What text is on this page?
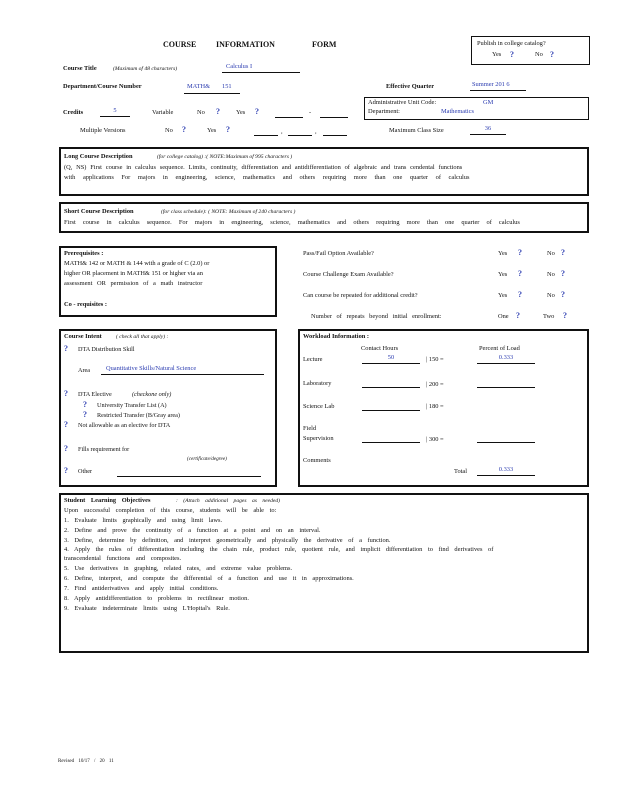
COURSE INFORMATION	FORM	Publish in college catalog?
Yes ?	No ?
Course Title	(Maximum of 48 characters)	Calculus I
Department/Course Number	MATH& 151	Effective Quarter	Summer 201 6
Administrative Unit Code:	GM
Department:	Mathematics
Credits	5	Variable	No ?	Yes ?	-
Multiple Versions	No ?	Yes ?	,	,	Maximum Class Size	36
Long Course Description	(for college catalog) :( NOTE:Maximum of 995 characters )
(Q, NS) First course in calculus sequence. Limits, continuity, differentiation and antidifferentiation of algebraic and trans cendental functions
with applications For majors in engineering, science, mathematics and others requiring more than one quarter of calculus
Short Course Description	(for class schedule): ( NOTE: Maximum of 240 characters )
First course in calculus sequence. For majors in engineering, science, mathematics and others requiring more than one quarter of calculus
Prerequisites :
MATH& 142 or MATH & 144 with a grade of C (2.0) or
higher OR placement in MATH& 151 or higher via an
assessment OR permission of a math instructor
Co - requisites :
Pass/Fail Option Available?	Yes ?	No ?
Course Challenge Exam Available?	Yes ?	No ?
Can course be repeated for additional credit?	Yes ?	No ?
Number of repeats beyond initial enrollment:	One ?	Two ?
Course Intent	( check all that apply) :
? DTA Distribution Skill
Area	Quantitative Skills/Natural Science
? DTA Elective	(checkone only)
? University Transfer List (A)
? Restricted Transfer (B/Gray area)
? Not allowable as an elective for DTA
? Fills requirement for
(certificate/degree)
? Other
Workload Information :
Contact Hours	Percent of Load
Lecture	50	| 150 =	0.333
Laboratory	| 200 =
Science Lab	| 180 =
Field
Supervision	| 300 =
Comments
Total	0.333
Student Learning Objectives	: (Attach additional pages as needed)
Upon successful completion of this course, students will be able to:
1. Evaluate limits graphically and using limit laws.
2. Define and prove the continuity of a function at a point and on an interval.
3. Define, determine by definition, and interpret geometrically and physically the derivative of a function.
4. Apply the rules of differentiation including the chain rule, product rule, quotient rule, and implicit differentiation to find derivatives of
transcendental functions and composites.
5. Use derivatives in graphing, related rates, and extreme value problems.
6. Define, interpret, and compute the differential of a function and use it in approximations.
7. Find antiderivatives and apply initial conditions.
8. Apply antidifferentiation to problems in rectilinear motion.
9. Evaluate indeterminate limits using L'Hopital's Rule.
Revised 10/17 / 20 11
